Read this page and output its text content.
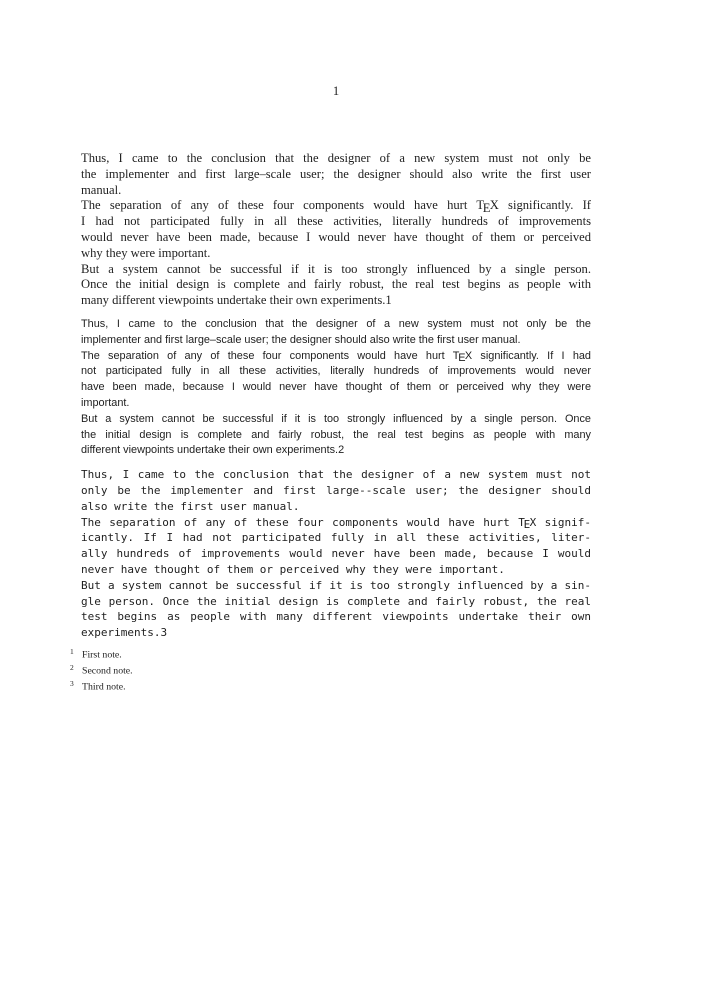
1
Thus, I came to the conclusion that the designer of a new system must not only be
the implementer and first large–scale user; the designer should also write the first user
manual.
The separation of any of these four components would have hurt TEX significantly. If
I had not participated fully in all these activities, literally hundreds of improvements
would never have been made, because I would never have thought of them or perceived
why they were important.
But a system cannot be successful if it is too strongly influenced by a single person.
Once the initial design is complete and fairly robust, the real test begins as people with
many different viewpoints undertake their own experiments.1
Thus, I came to the conclusion that the designer of a new system must not only be the
implementer and first large–scale user; the designer should also write the first user manual.
The separation of any of these four components would have hurt TEX significantly. If I had
not participated fully in all these activities, literally hundreds of improvements would never
have been made, because I would never have thought of them or perceived why they were
important.
But a system cannot be successful if it is too strongly influenced by a single person. Once
the initial design is complete and fairly robust, the real test begins as people with many
different viewpoints undertake their own experiments.2
Thus, I came to the conclusion that the designer of a new system must not
only be the implementer and first large--scale user; the designer should
also write the first user manual.
The separation of any of these four components would have hurt TEX signif-
icantly. If I had not participated fully in all these activities, liter-
ally hundreds of improvements would never have been made, because I would
never have thought of them or perceived why they were important.
But a system cannot be successful if it is too strongly influenced by a sin-
gle person. Once the initial design is complete and fairly robust, the real
test begins as people with many different viewpoints undertake their own
experiments.3
1 First note.
2 Second note.
3 Third note.
